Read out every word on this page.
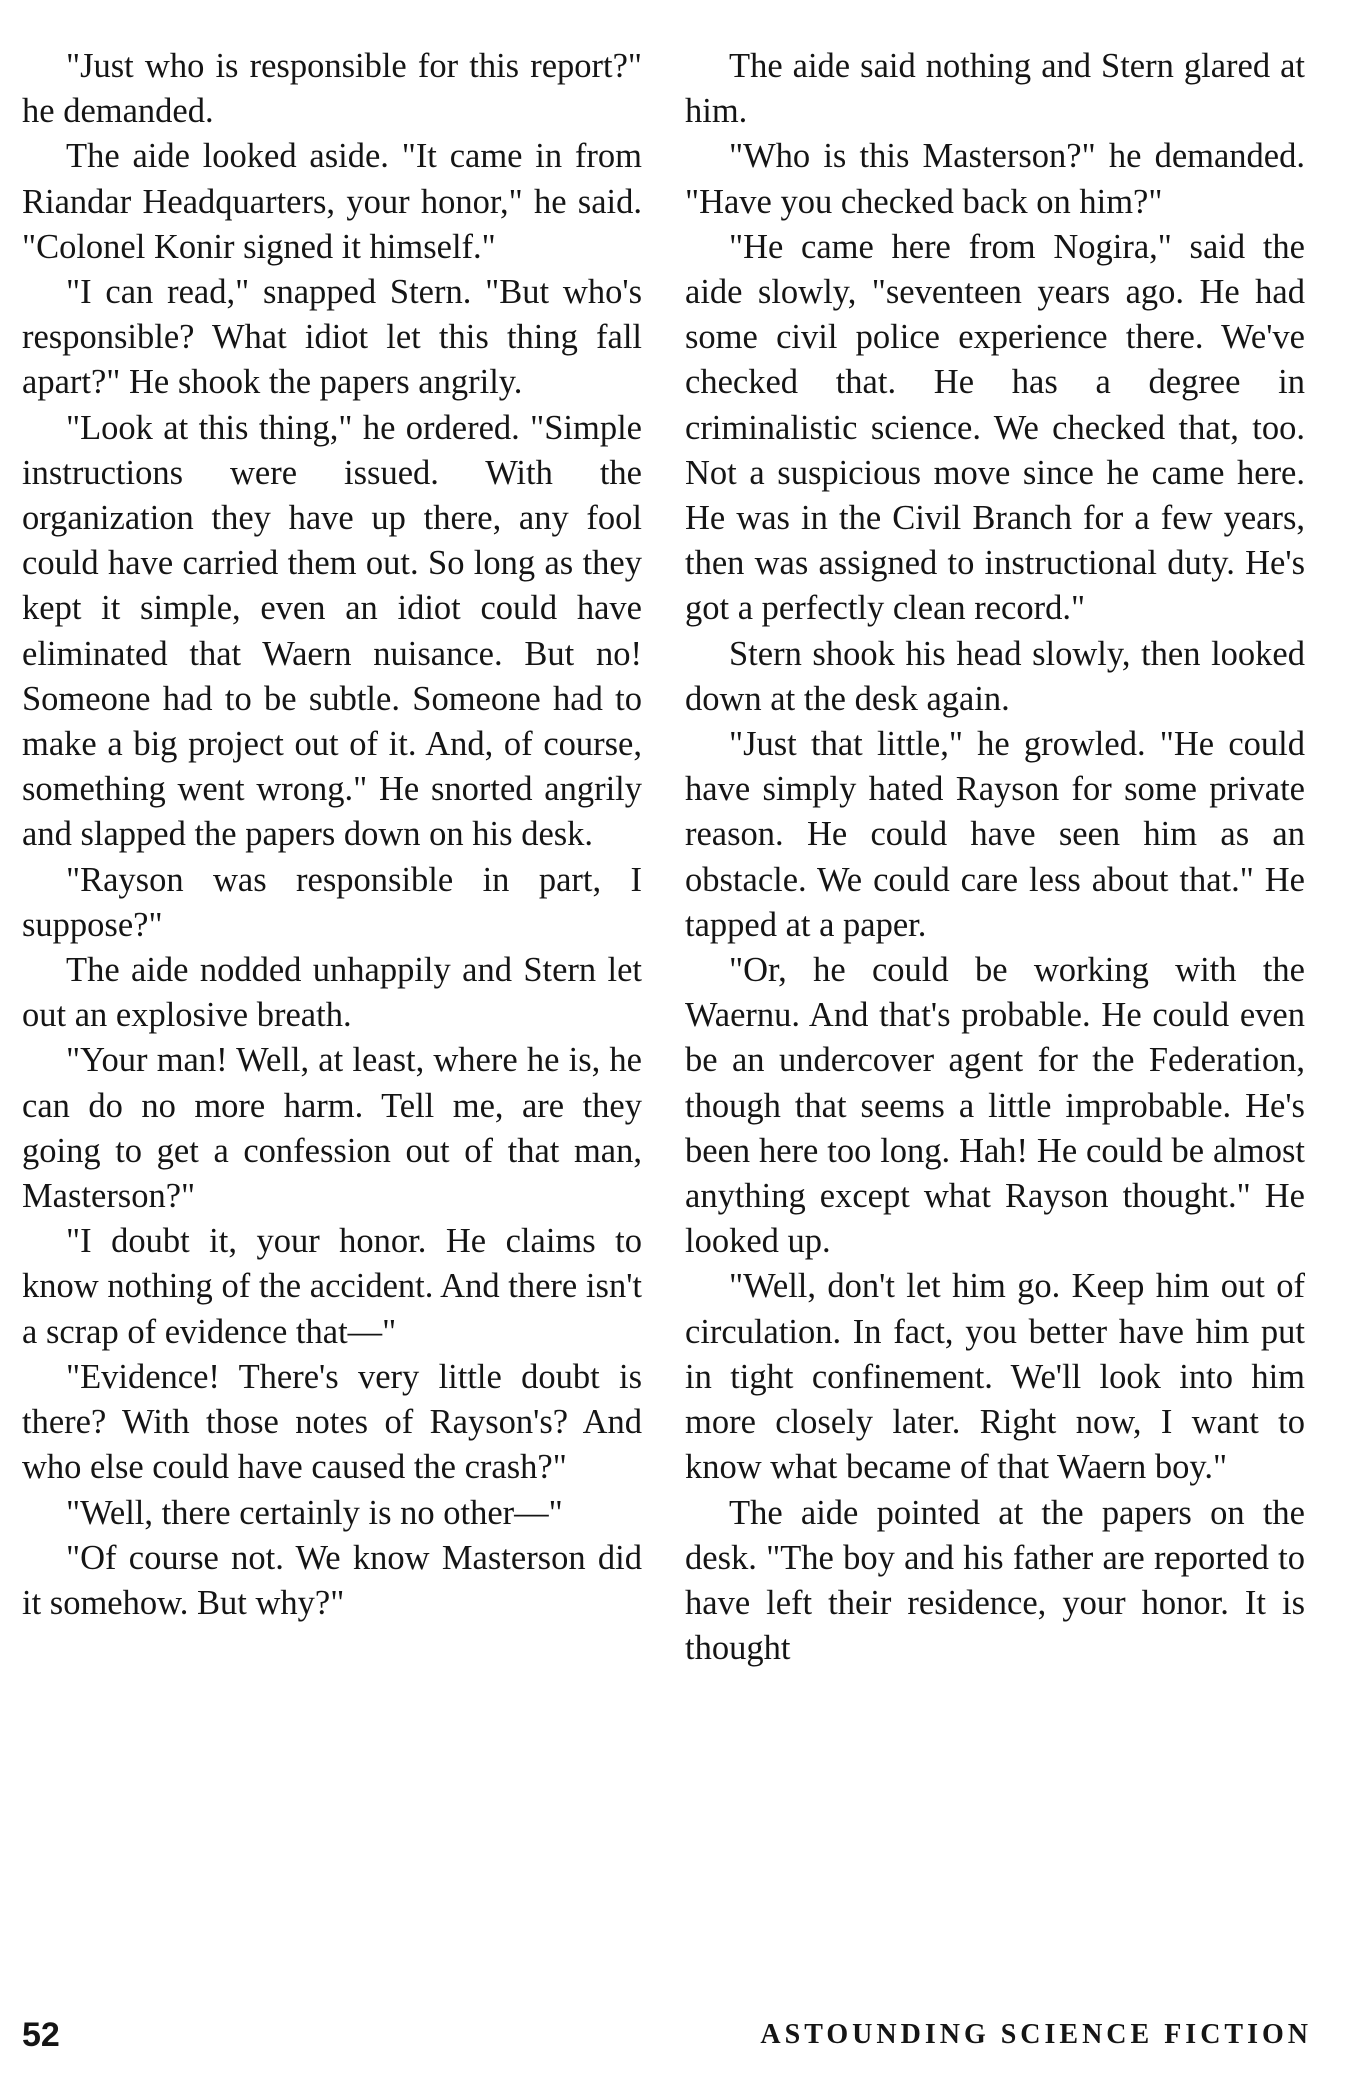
"Just who is responsible for this report?" he demanded.

The aide looked aside. "It came in from Riandar Headquarters, your honor," he said. "Colonel Konir signed it himself."

"I can read," snapped Stern. "But who's responsible? What idiot let this thing fall apart?" He shook the papers angrily.

"Look at this thing," he ordered. "Simple instructions were issued. With the organization they have up there, any fool could have carried them out. So long as they kept it simple, even an idiot could have eliminated that Waern nuisance. But no! Someone had to be subtle. Someone had to make a big project out of it. And, of course, something went wrong." He snorted angrily and slapped the papers down on his desk.

"Rayson was responsible in part, I suppose?"

The aide nodded unhappily and Stern let out an explosive breath.

"Your man! Well, at least, where he is, he can do no more harm. Tell me, are they going to get a confession out of that man, Masterson?"

"I doubt it, your honor. He claims to know nothing of the accident. And there isn't a scrap of evidence that—"

"Evidence! There's very little doubt is there? With those notes of Rayson's? And who else could have caused the crash?"

"Well, there certainly is no other—"

"Of course not. We know Masterson did it somehow. But why?"

The aide said nothing and Stern glared at him.

"Who is this Masterson?" he demanded. "Have you checked back on him?"

"He came here from Nogira," said the aide slowly, "seventeen years ago. He had some civil police experience there. We've checked that. He has a degree in criminalistic science. We checked that, too. Not a suspicious move since he came here. He was in the Civil Branch for a few years, then was assigned to instructional duty. He's got a perfectly clean record."

Stern shook his head slowly, then looked down at the desk again.

"Just that little," he growled. "He could have simply hated Rayson for some private reason. He could have seen him as an obstacle. We could care less about that." He tapped at a paper.

"Or, he could be working with the Waernu. And that's probable. He could even be an undercover agent for the Federation, though that seems a little improbable. He's been here too long. Hah! He could be almost anything except what Rayson thought." He looked up.

"Well, don't let him go. Keep him out of circulation. In fact, you better have him put in tight confinement. We'll look into him more closely later. Right now, I want to know what became of that Waern boy."

The aide pointed at the papers on the desk. "The boy and his father are reported to have left their residence, your honor. It is thought

52	ASTOUNDING SCIENCE FICTION
